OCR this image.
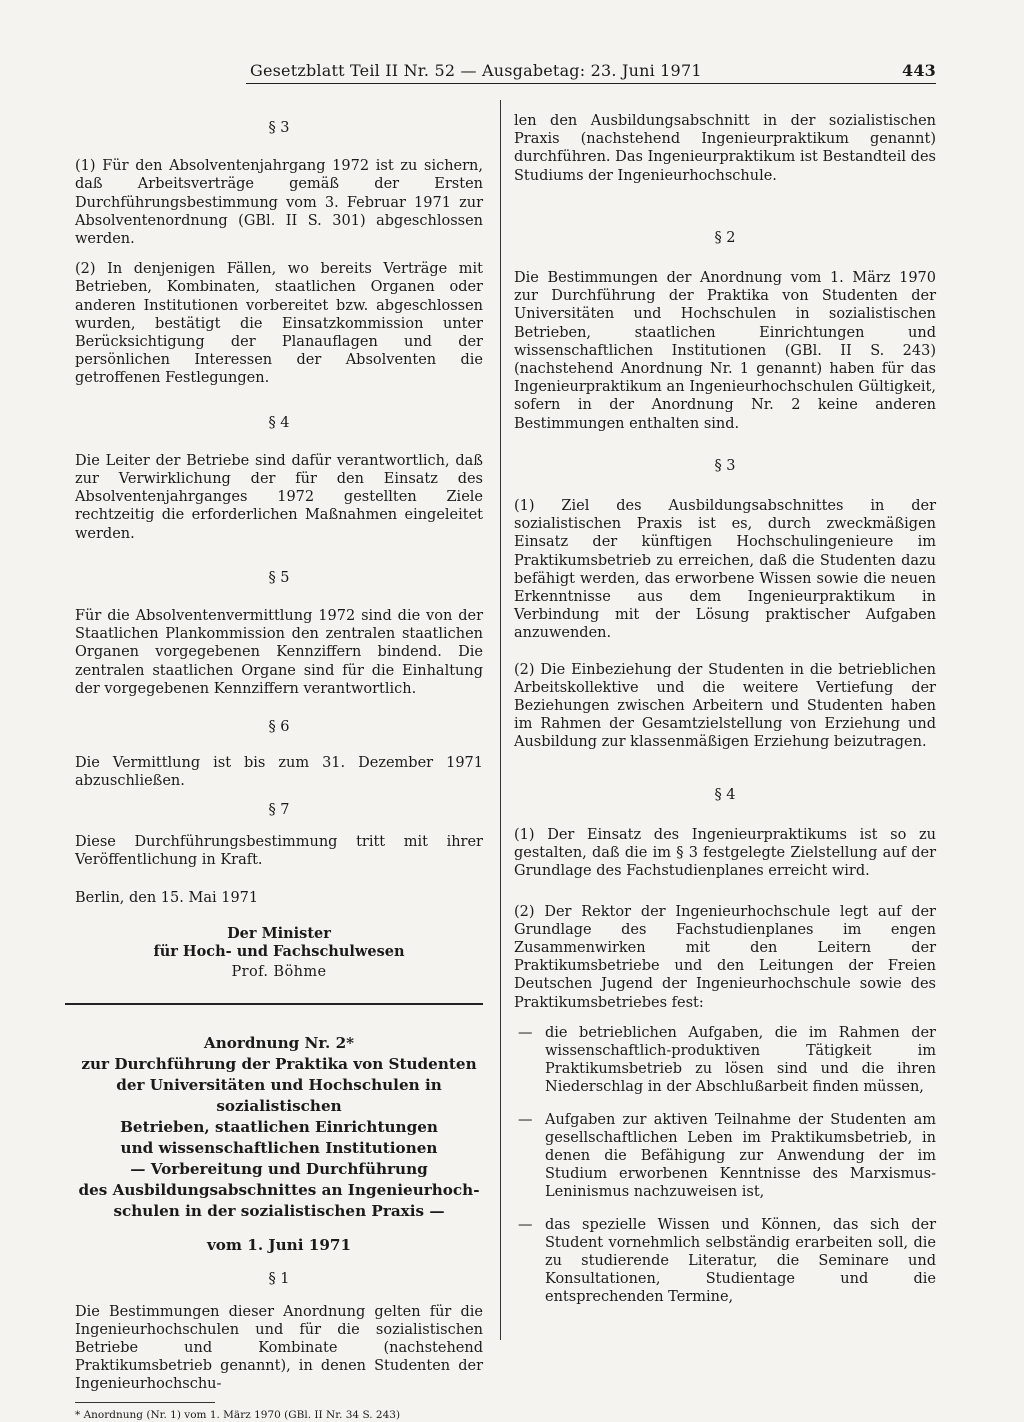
Gesetzblatt Teil II Nr. 52 — Ausgabetag: 23. Juni 1971	443

§ 3

(1) Für den Absolventenjahrgang 1972 ist zu sichern, daß Arbeitsverträge gemäß der Ersten Durchführungsbestimmung vom 3. Februar 1971 zur Absolventenordnung (GBl. II S. 301) abgeschlossen werden.

(2) In denjenigen Fällen, wo bereits Verträge mit Betrieben, Kombinaten, staatlichen Organen oder anderen Institutionen vorbereitet bzw. abgeschlossen wurden, bestätigt die Einsatzkommission unter Berücksichtigung der Planauflagen und der persönlichen Interessen der Absolventen die getroffenen Festlegungen.

§ 4

Die Leiter der Betriebe sind dafür verantwortlich, daß zur Verwirklichung der für den Einsatz des Absolventenjahrganges 1972 gestellten Ziele rechtzeitig die erforderlichen Maßnahmen eingeleitet werden.

§ 5

Für die Absolventenvermittlung 1972 sind die von der Staatlichen Plankommission den zentralen staatlichen Organen vorgegebenen Kennziffern bindend. Die zentralen staatlichen Organe sind für die Einhaltung der vorgegebenen Kennziffern verantwortlich.

§ 6

Die Vermittlung ist bis zum 31. Dezember 1971 abzuschließen.

§ 7

Diese Durchführungsbestimmung tritt mit ihrer Veröffentlichung in Kraft.

Berlin, den 15. Mai 1971

Der Minister

für Hoch- und Fachschulwesen

Prof. Böhme

Anordnung Nr. 2*

zur Durchführung der Praktika von Studenten

der Universitäten und Hochschulen in sozialistischen

Betrieben, staatlichen Einrichtungen

und wissenschaftlichen Institutionen

— Vorbereitung und Durchführung

des Ausbildungsabschnittes an Ingenieurhoch-

schulen in der sozialistischen Praxis —

vom 1. Juni 1971

§ 1

Die Bestimmungen dieser Anordnung gelten für die Ingenieurhochschulen und für die sozialistischen Betriebe und Kombinate (nachstehend Praktikumsbetrieb genannt), in denen Studenten der Ingenieurhochschu-

* Anordnung (Nr. 1) vom 1. März 1970 (GBl. II Nr. 34 S. 243)

len den Ausbildungsabschnitt in der sozialistischen Praxis (nachstehend Ingenieurpraktikum genannt) durchführen. Das Ingenieurpraktikum ist Bestandteil des Studiums der Ingenieurhochschule.

§ 2

Die Bestimmungen der Anordnung vom 1. März 1970 zur Durchführung der Praktika von Studenten der Universitäten und Hochschulen in sozialistischen Betrieben, staatlichen Einrichtungen und wissenschaftlichen Institutionen (GBl. II S. 243) (nachstehend Anordnung Nr. 1 genannt) haben für das Ingenieurpraktikum an Ingenieurhochschulen Gültigkeit, sofern in der Anordnung Nr. 2 keine anderen Bestimmungen enthalten sind.

§ 3

(1) Ziel des Ausbildungsabschnittes in der sozialistischen Praxis ist es, durch zweckmäßigen Einsatz der künftigen Hochschulingenieure im Praktikumsbetrieb zu erreichen, daß die Studenten dazu befähigt werden, das erworbene Wissen sowie die neuen Erkenntnisse aus dem Ingenieurpraktikum in Verbindung mit der Lösung praktischer Aufgaben anzuwenden.

(2) Die Einbeziehung der Studenten in die betrieblichen Arbeitskollektive und die weitere Vertiefung der Beziehungen zwischen Arbeitern und Studenten haben im Rahmen der Gesamtzielstellung von Erziehung und Ausbildung zur klassenmäßigen Erziehung beizutragen.

§ 4

(1) Der Einsatz des Ingenieurpraktikums ist so zu gestalten, daß die im § 3 festgelegte Zielstellung auf der Grundlage des Fachstudienplanes erreicht wird.

(2) Der Rektor der Ingenieurhochschule legt auf der Grundlage des Fachstudienplanes im engen Zusammenwirken mit den Leitern der Praktikumsbetriebe und den Leitungen der Freien Deutschen Jugend der Ingenieurhochschule sowie des Praktikumsbetriebes fest:

— die betrieblichen Aufgaben, die im Rahmen der wissenschaftlich-produktiven Tätigkeit im Praktikumsbetrieb zu lösen sind und die ihren Niederschlag in der Abschlußarbeit finden müssen,
— Aufgaben zur aktiven Teilnahme der Studenten am gesellschaftlichen Leben im Praktikumsbetrieb, in denen die Befähigung zur Anwendung der im Studium erworbenen Kenntnisse des Marxismus-Leninismus nachzuweisen ist,
— das spezielle Wissen und Können, das sich der Student vornehmlich selbständig erarbeiten soll, die zu studierende Literatur, die Seminare und Konsultationen, Studientage und die entsprechenden Termine,
